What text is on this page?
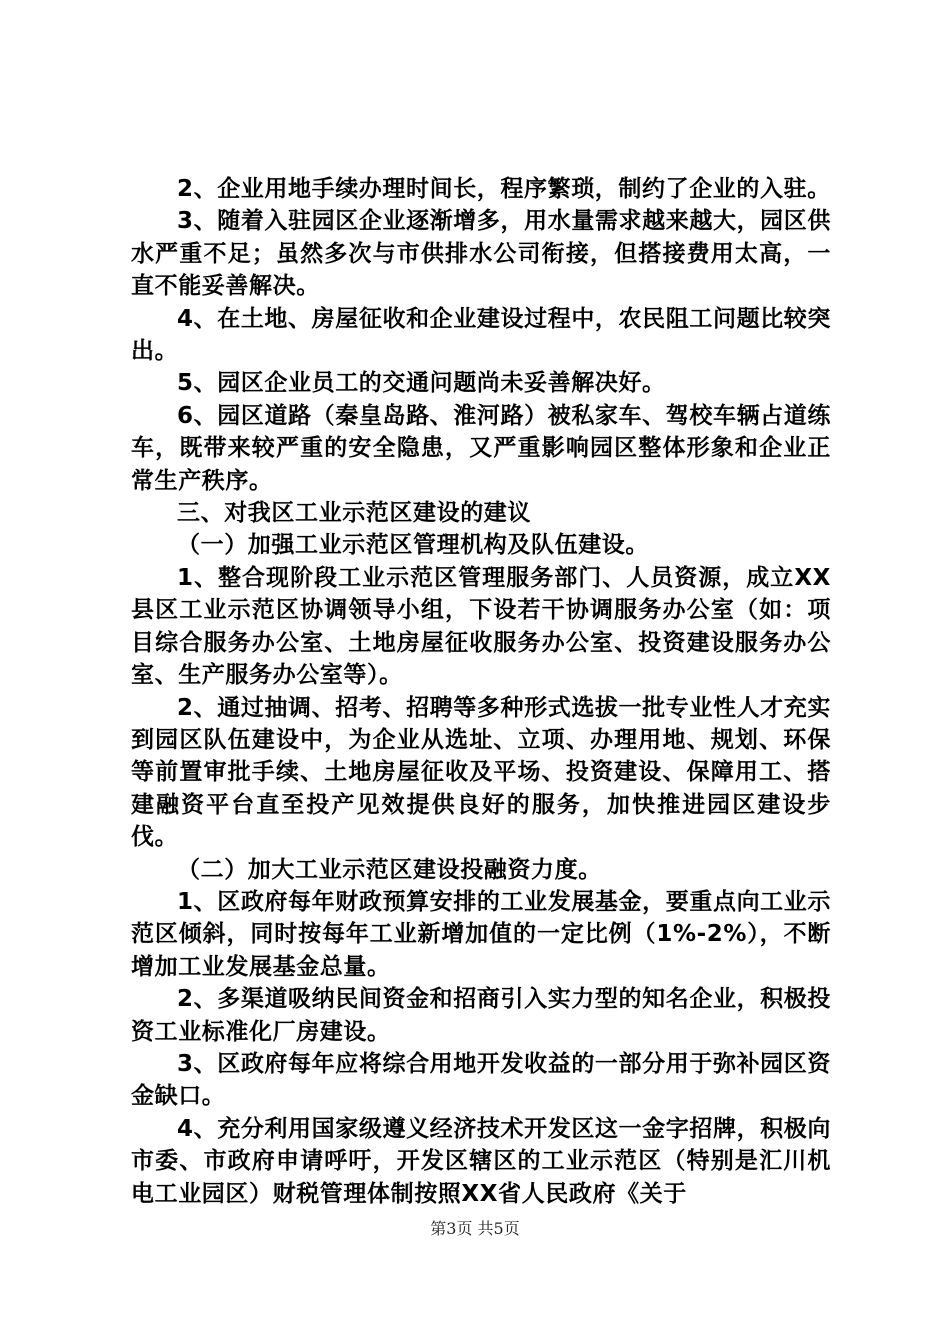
2、企业用地手续办理时间长，程序繁琐，制约了企业的入驻。

3、随着入驻园区企业逐渐增多，用水量需求越来越大，园区供水严重不足；虽然多次与市供排水公司衔接，但搭接费用太高，一直不能妥善解决。

4、在土地、房屋征收和企业建设过程中，农民阻工问题比较突出。

5、园区企业员工的交通问题尚未妥善解决好。

6、园区道路（秦皇岛路、淮河路）被私家车、驾校车辆占道练车，既带来较严重的安全隐患，又严重影响园区整体形象和企业正常生产秩序。

三、对我区工业示范区建设的建议

（一）加强工业示范区管理机构及队伍建设。

1、整合现阶段工业示范区管理服务部门、人员资源，成立XX县区工业示范区协调领导小组，下设若干协调服务办公室（如：项目综合服务办公室、土地房屋征收服务办公室、投资建设服务办公室、生产服务办公室等）。

2、通过抽调、招考、招聘等多种形式选拔一批专业性人才充实到园区队伍建设中，为企业从选址、立项、办理用地、规划、环保等前置审批手续、土地房屋征收及平场、投资建设、保障用工、搭建融资平台直至投产见效提供良好的服务，加快推进园区建设步伐。

（二）加大工业示范区建设投融资力度。

1、区政府每年财政预算安排的工业发展基金，要重点向工业示范区倾斜，同时按每年工业新增加值的一定比例（1%-2%），不断增加工业发展基金总量。

2、多渠道吸纳民间资金和招商引入实力型的知名企业，积极投资工业标准化厂房建设。

3、区政府每年应将综合用地开发收益的一部分用于弥补园区资金缺口。

4、充分利用国家级遵义经济技术开发区这一金字招牌，积极向市委、市政府申请呼吁，开发区辖区的工业示范区（特别是汇川机电工业园区）财税管理体制按照XX省人民政府《关于

第3页 共5页
